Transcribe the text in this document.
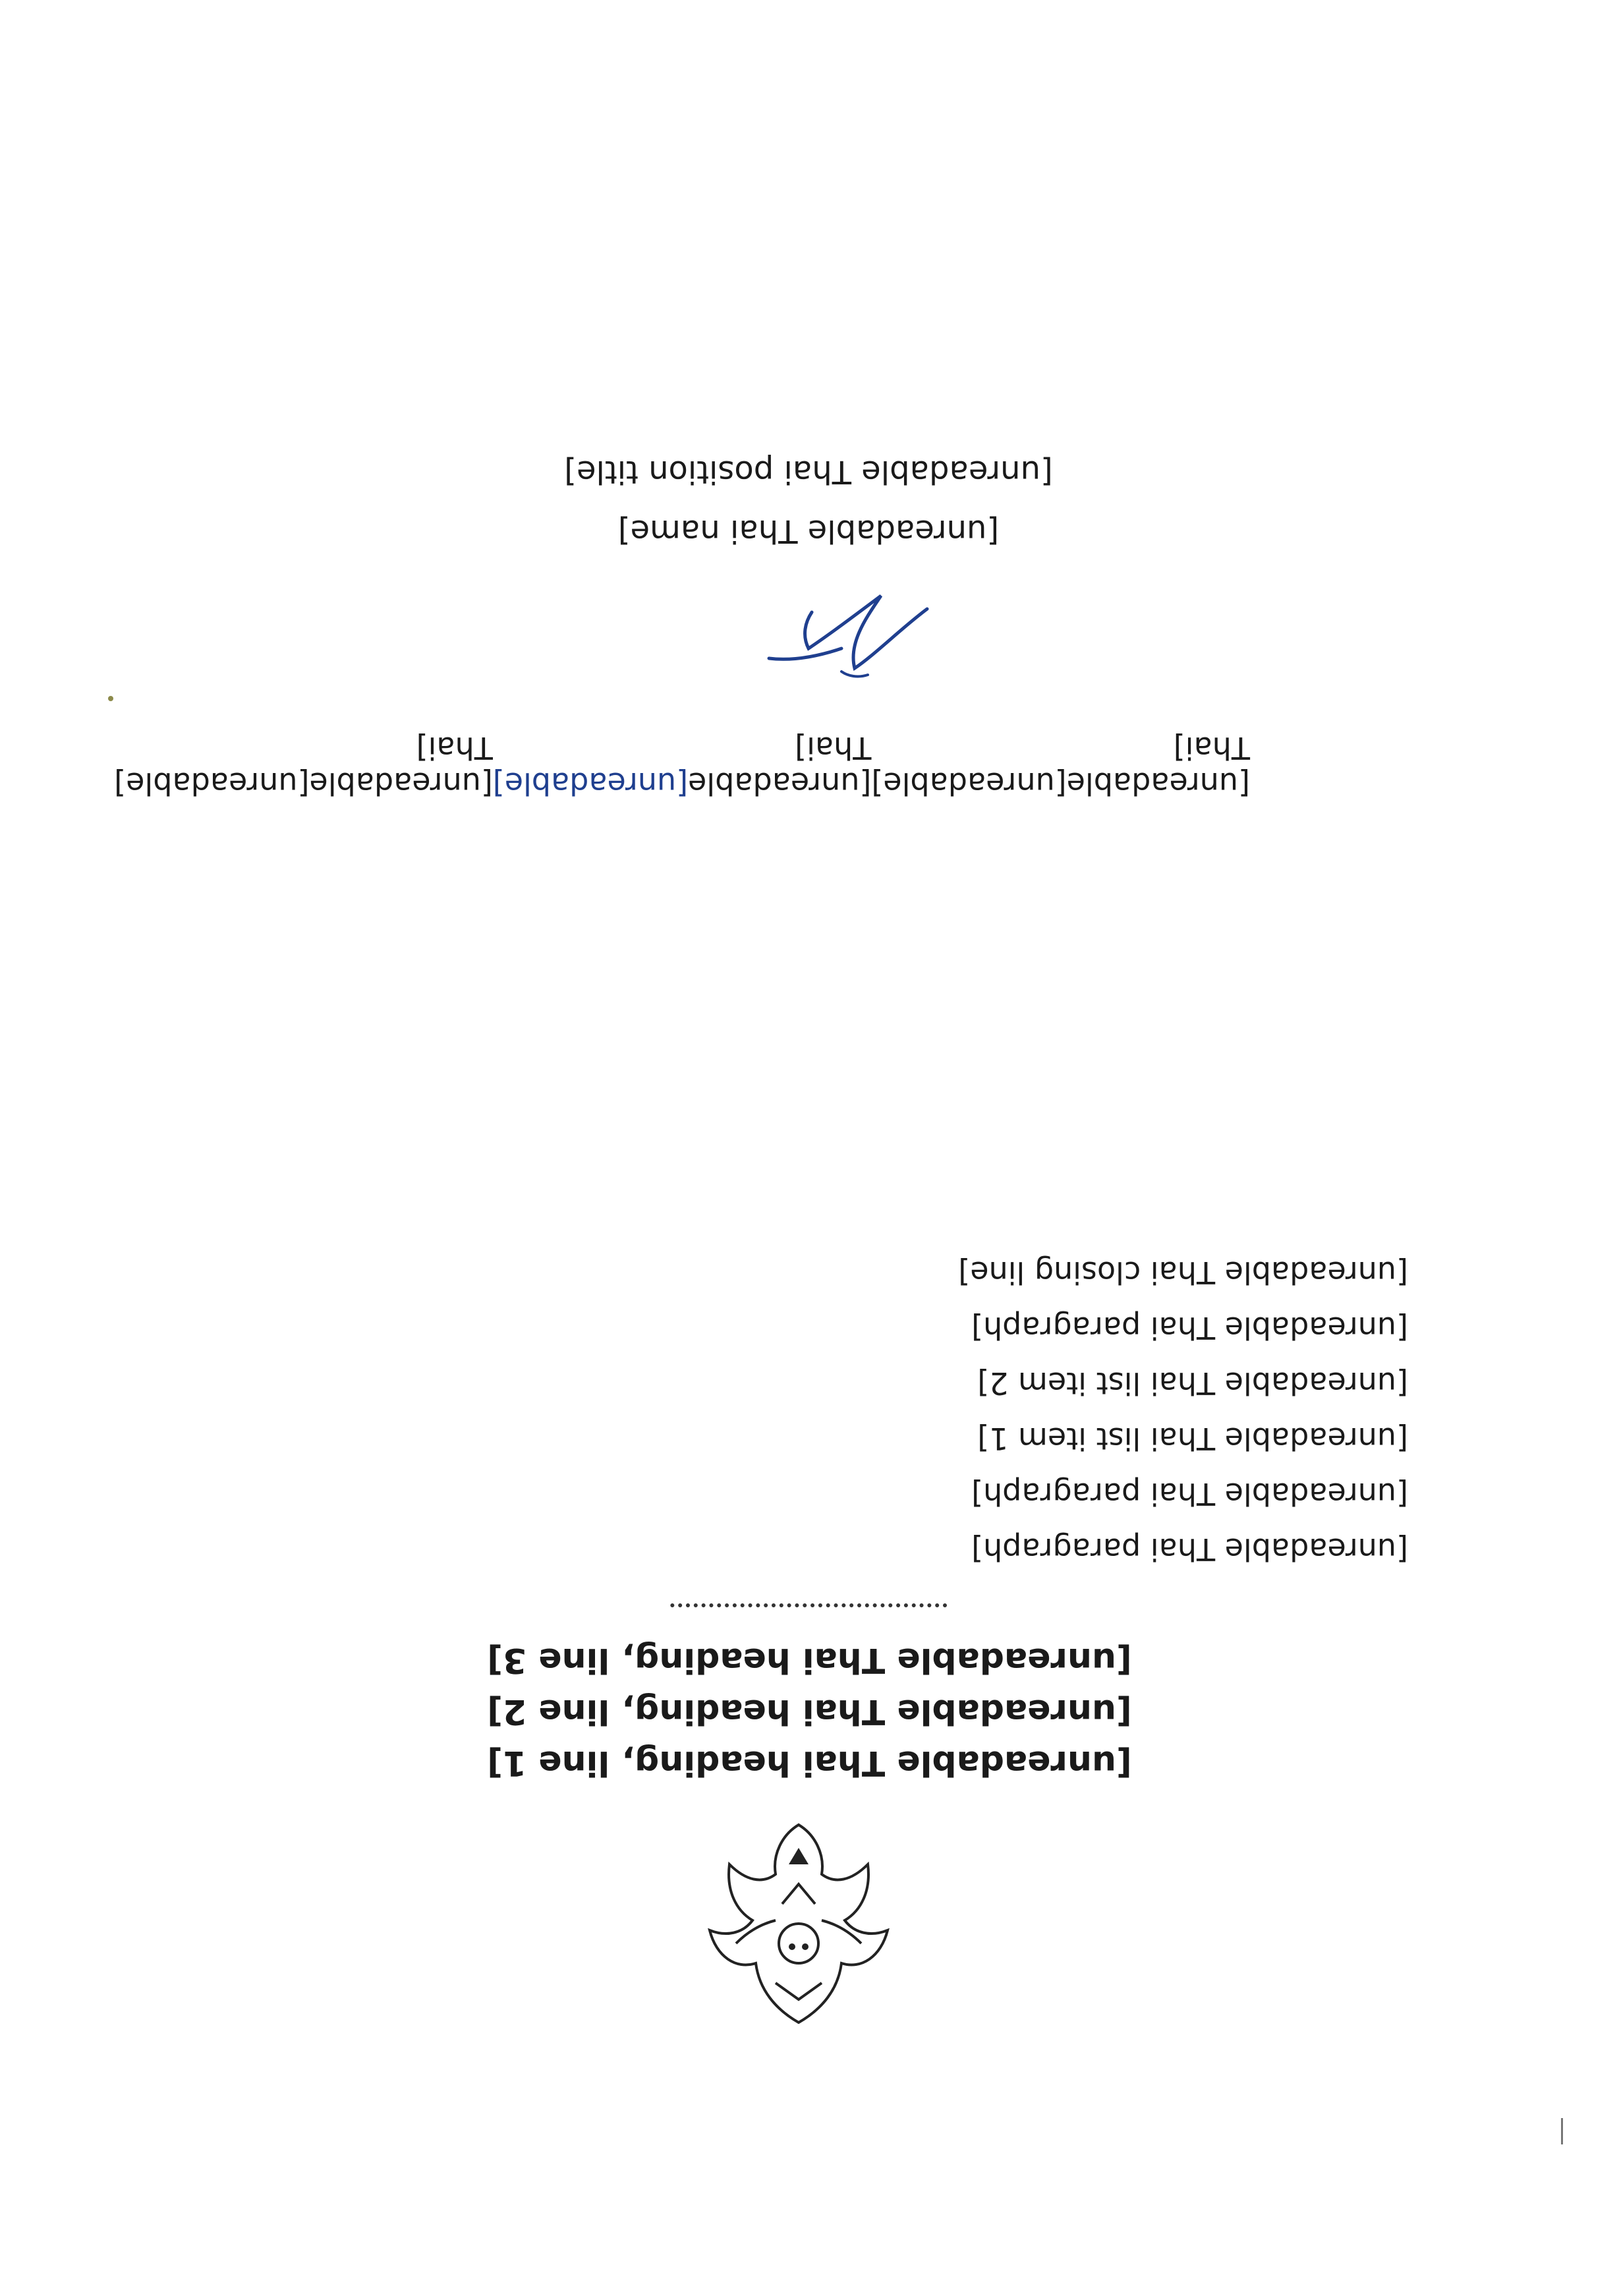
[unreadable Thai heading, line 1]
[unreadable Thai heading, line 2]
[unreadable Thai heading, line 3]

[unreadable Thai paragraph]

[unreadable Thai paragraph]

[unreadable Thai list item 1]

[unreadable Thai list item 2]

[unreadable Thai paragraph]

[unreadable Thai closing line]

[unreadable Thai]
[unreadable]
[unreadable Thai]
[unreadable]
[unreadable Thai]
[unreadable]
[unreadable Thai name]
[unreadable Thai position title]
